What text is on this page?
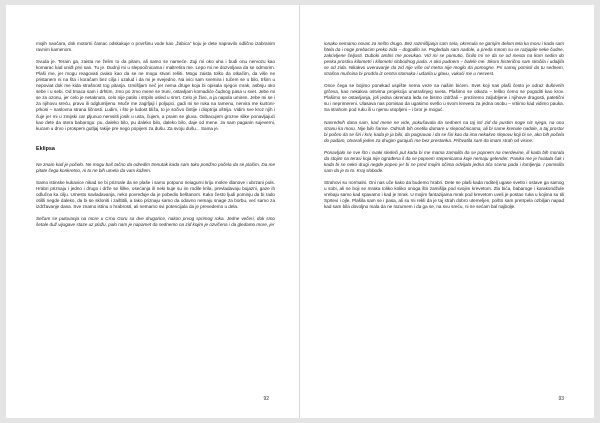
mojih naočara, dok motorni čamac odskakuje o površinu vode kao „žabica” koju je dete napravilo odličnо izabranim ravnim kamenom.

Svuda je. Teram ga, zaista ne želim to da pitam, ali samo se nameće. Zuji mi oko uha i budi onu nervozu kao komarac kad uniđi prvi san. Tu je. Dudnji mi u slepoočnicama i maltretira me. Lepo mi ne dozvoljava da se odmorim. Plaši me, jer mogu reagovati ovako kao da se ne mogu stvari rešiti. Mogu zaista tolko da otkačim, da više ne pristanem ni na šta i koračam bez cilja i uzalud i da mi je svejedno. Na ivici sam svemira i tučem se u bilo, tršim u nepoviat dok me kida strašnost tog pitanja. Izmišljam neč jer nema druge koja bi opisala njegov mrak, asbnju oko sebe i u sebi. Od tmaca sam i drhtim, zmo po zmo mene se truni, ostavljam komadiće čudnog pasa u svet. Jebe mi se za ozonu, jer celo je netaknuto, celo nije patilo i strpilo usled u smrt. Celo je živo, a ja napola umiren. Jebe mi se i za njihovu sreću, pravu ili odglumljenu. Muče me zagrljaji i poljupci, gadi mi se ruka na ramenu, nervira me kurtoni-prkosi – naslovna strana ličnosti. Ludim, i što je ludost bliža, to je sočivo čistije i dioptrija oštrija. Vidim sve kroz njih i čuje jer mi u zmijski car pljunuo nemsitli josik u usta, čujem, a praim se gluva. Odbacujem grozne slike ponavljajući kao dete da otera babarogu: pu, daleko bilo, pu daleko bilo, daleko bilo, daje od mene. Ja sam paganin sujeverni, kucam u drvo i prospem gutljaj rakije pre nego popijem za dušu. Za svoju dušu... Sama je.

Eklipsa

Ne znam kad je počelo. Ne mogu baš tačno da odredim trenutak kada sam toko ponižno počela da se plašim. Da me pitate čega konkretno, ni to ne bih umela da vam kažem.

Samo istinske kukavice nikad ne bi priznale da se plaše i samo potpuno neiagurni kriju mokre dlanove i ubrzani puls. Hrabri priznaju i jedno i drugo i drže se šilke, osećanja ili neki kuje su im rodile krila, prevladavaju bojazni, gaze ih odlučnа kа cilju. Umesto savladavanja, neko povređuje da je pobedio beštanom. Kako često ljudi pominju da bi rado otišli negde daleko, da bi se skloniti i zaštitili, a tako priznaju samo da odavno nemaju snage za borbu, već samo za izdržavanje dana. Sve znamo istinu o hrabrosti, ali nemamo svi potencijala da je prevedemo u dela.

Sečam se putovanja na more u Crnu Goru sa dve drugarice, nakon prvog sprimog roka. Jedne večeri, dok smo šetale duž vijugave staze uz plažu, palo nam je napamet da sednemo na zid kojim je ozvičena i da gledamo more, jer

92

ionako nemamo novac za nešto drugo. Bez razmišljanja sam sela, okrenula se garnjim delom tela ka moru i kada sam htela da i noge prebacim preko zida – dogodilo se. Pogledala sam nadole, a preda mnom su se razjapile neke čudne, zakrivljene čeljusti. Duboki ambis me povukao. Vid mi se pomutio, činilo mi se da se od mesta na kom sedim do peska prostiru kilometri i kilometri slobodnog pada. A oko padnem – balele me. Skoro histerično sam skočila i udaljila se od zida. Nikakvo uveravanje da zid nije više od metra nije moglo da pomogne. Pri samoj pomisli da tu sednem, strašna mučnina bi prodrla iz centra stomaka i udarila u glavu, vukući me u nesvest.

Once čega se bojimo ponekad uspište nema veze sa našim bićem. Svet koji nas plaši često je odraz duševnih grčeva, kao nekakva ostvima projekcija unutrašnjeg sveta. Plašimo se otkaza – teško ćemo se pogoditi kao krov. Plašimo se ostavljanja, još jedna okrenuta leđa ne bismo izdržali – preziremo zaljubljene i njihove dragosti, patetični su i neprimereni. Ulasava nas pomisao da ugasimo svetlo u svom krevetu za jedna osobu – vrtiimo kad vidimo pauka. Sa strahom pod ruku ili u njemu utopljeni – i bror je moguć.

Nasrednih dana sam, kad mene ne vide, pokušavala da sednem na taj isti zid da pustim noge niz njega, na onu stranu ka moru. Nije bilo šanse. Odmah bih osetila damare u slepoočnicama, ali bi same krenule nadole, a taj prostor bi počeo da se širi i kriv, kada je ja bilo, da poigravao i da se širi kao da ima nekakvo slepovu koji bi se, ako bih počela do padam, otvarali jeden za drugim gurajući me bez prestanka. Prihvatila sam da imam strah od visine.

Ponavljalo se sve što i svaki sledeći put kada bi me mama zamolila da se popnem na merdevine, ili kada bih morala da stojim na terasi koja nije ograđena il da se popnem stepenicama koje nemaju gelender. Panika me je hvatala čak i kada bi se neko drugi negde popeo jer bi se pred mojim očima odvijala jedna tića scena pada i lomljenja. I pomislila sam da je to to. Kraj slobode.

Strahovi su normalni. Oni nas uče kako da budemo hrabri. Dete se plaši kada roditelj ugase svetlo i ostave ga samog u sobi, ali ne boji se mraka toliko koliko onoga što zamišlja pod svojim krevetom. Zla bića, babaroge i karakondžule vrebaju samo kad spavamo i kad je mrak. U mojim fantazijama mrak pod krevetom uveli je postao ruka u kojima su tili Sprtevi i ojle. Plašila sam se i pasa, ali su mi rekli da je taj strah dobro utemeljen, pošto sam pretrpela ozbiljan napad kad sam bila dovoljno mala da ne razumem i da ga se, na svu sreću, ni ne sećam bal najbolje.

93
